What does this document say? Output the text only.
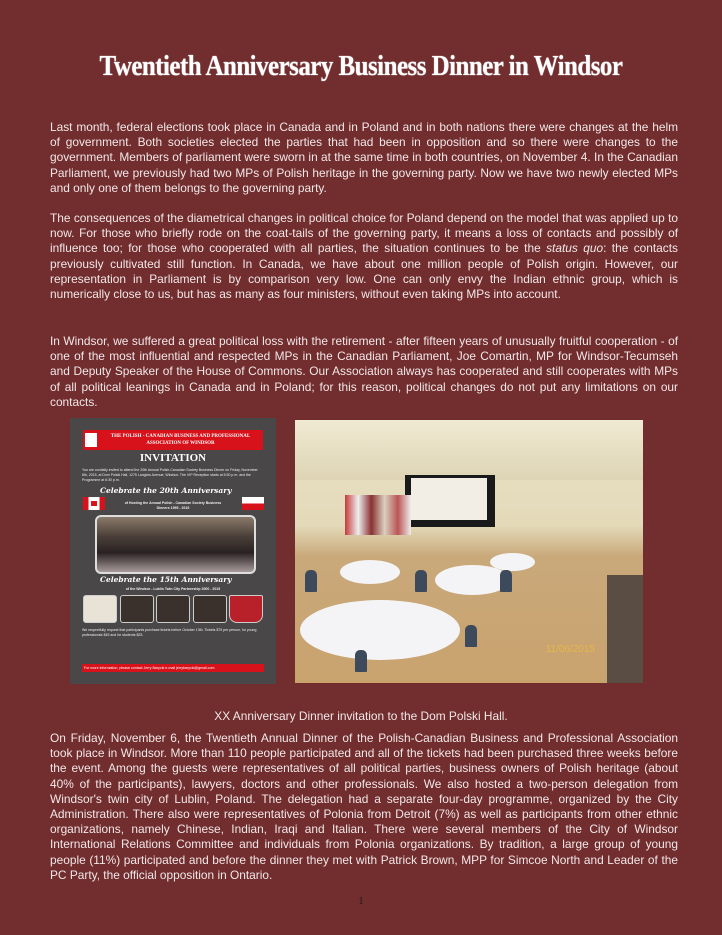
Twentieth Anniversary Business Dinner in Windsor
Last month, federal elections took place in Canada and in Poland and in both nations there were changes at the helm of government. Both societies elected the parties that had been in opposition and so there were changes to the government. Members of parliament were sworn in at the same time in both countries, on November 4. In the Canadian Parliament, we previously had two MPs of Polish heritage in the governing party. Now we have two newly elected MPs and only one of them belongs to the governing party.
The consequences of the diametrical changes in political choice for Poland depend on the model that was applied up to now. For those who briefly rode on the coat-tails of the governing party, it means a loss of contacts and possibly of influence too; for those who cooperated with all parties, the situation continues to be the status quo: the contacts previously cultivated still function. In Canada, we have about one million people of Polish origin. However, our representation in Parliament is by comparison very low. One can only envy the Indian ethnic group, which is numerically close to us, but has as many as four ministers, without even taking MPs into account.
In Windsor, we suffered a great political loss with the retirement - after fifteen years of unusually fruitful cooperation - of one of the most influential and respected MPs in the Canadian Parliament, Joe Comartin, MP for Windsor-Tecumseh and Deputy Speaker of the House of Commons. Our Association always has cooperated and still cooperates with MPs of all political leanings in Canada and in Poland; for this reason, political changes do not put any limitations on our contacts.
THE POLISH - CANADIAN BUSINESS AND PROFESSIONAL ASSOCIATION OF WINDSOR
INVITATION
You are cordially invited to attend the 20th Annual Polish-Canadian Society Business Dinner on Friday, November 6th, 2015, at Dom Polski Hall, 1275 Langlois Avenue, Windsor. The VIP Reception starts at 5:30 p.m. and the Programme at 6:30 p.m.
Celebrate the 20th Anniversary
of Hosting the Annual Polish - Canadian Society Business Dinners 1995 - 2015
Celebrate the 15th Anniversary
of the Windsor - Lublin Twin City Partnership 2000 - 2015
We respectfully request that participants purchase tickets before October 13th. Tickets $75 per person, for young professionals $45 and for students $25.
For more information, please contact Jerry Barycki e-mail jerrybarycki@gmail.com
11/06/2015
XX Anniversary Dinner invitation to the Dom Polski Hall.
On Friday, November 6, the Twentieth Annual Dinner of the Polish-Canadian Business and Professional Association took place in Windsor. More than 110 people participated and all of the tickets had been purchased three weeks before the event. Among the guests were representatives of all political parties, business owners of Polish heritage (about 40% of the participants), lawyers, doctors and other professionals. We also hosted a two-person delegation from Windsor's twin city of Lublin, Poland. The delegation had a separate four-day programme, organized by the City Administration. There also were representatives of Polonia from Detroit (7%) as well as participants from other ethnic organizations, namely Chinese, Indian, Iraqi and Italian. There were several members of the City of Windsor International Relations Committee and individuals from Polonia organizations. By tradition, a large group of young people (11%) participated and before the dinner they met with Patrick Brown, MPP for Simcoe North and Leader of the PC Party, the official opposition in Ontario.
1
